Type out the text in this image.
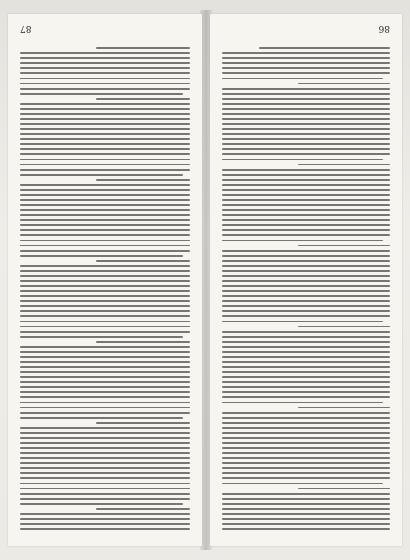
86
87
